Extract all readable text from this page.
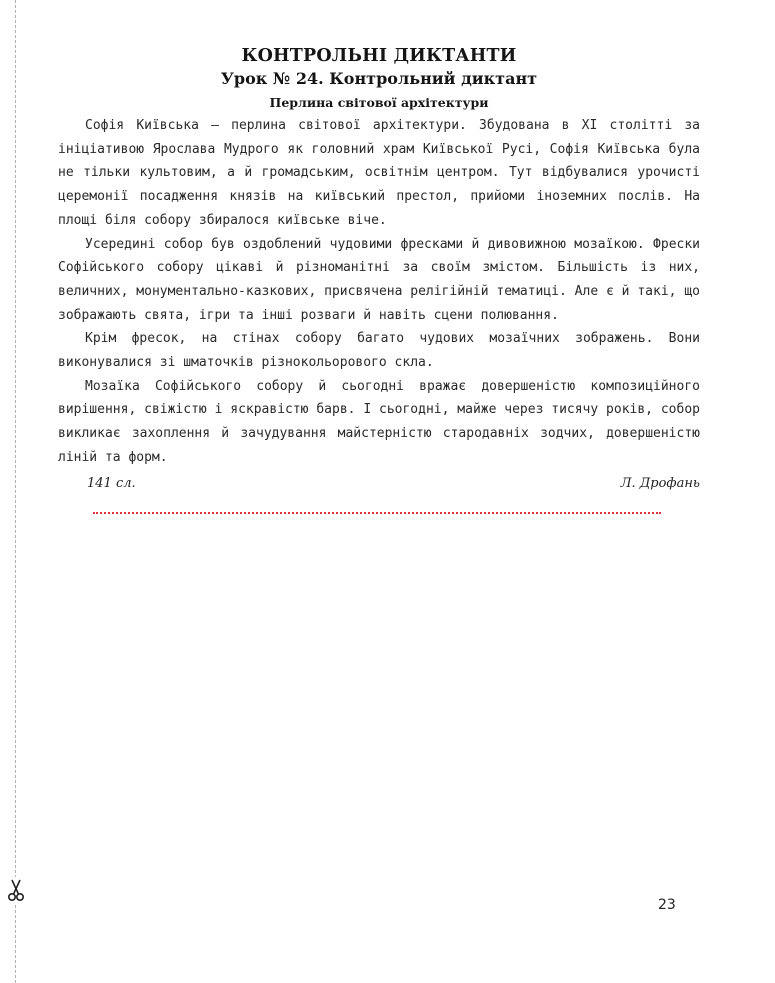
КОНТРОЛЬНІ ДИКТАНТИ
Урок № 24. Контрольний диктант
Перлина світової архітектури
Софія Київська — перлина світової архітектури. Збудована в XI столітті за ініціативою Ярослава Мудрого як головний храм Київської Русі, Софія Київська була не тільки культовим, а й громадським, освітнім центром. Тут відбувалися урочисті церемонії посадження князів на київський престол, прийоми іноземних послів. На площі біля собору збиралося київське віче.
Усередині собор був оздоблений чудовими фресками й дивовижною мозаїкою. Фрески Софійського собору цікаві й різноманітні за своїм змістом. Більшість із них, величних, монументально-казкових, присвячена релігійній тематиці. Але є й такі, що зображають свята, ігри та інші розваги й навіть сцени полювання.
Крім фресок, на стінах собору багато чудових мозаїчних зображень. Вони виконувалися зі шматочків різнокольорового скла.
Мозаїка Софійського собору й сьогодні вражає довершеністю композиційного вирішення, свіжістю і яскравістю барв. І сьогодні, майже через тисячу років, собор викликає захоплення й зачудування майстерністю стародавніх зодчих, довершеністю ліній та форм.
141 сл.	Л. Дрофань
23
